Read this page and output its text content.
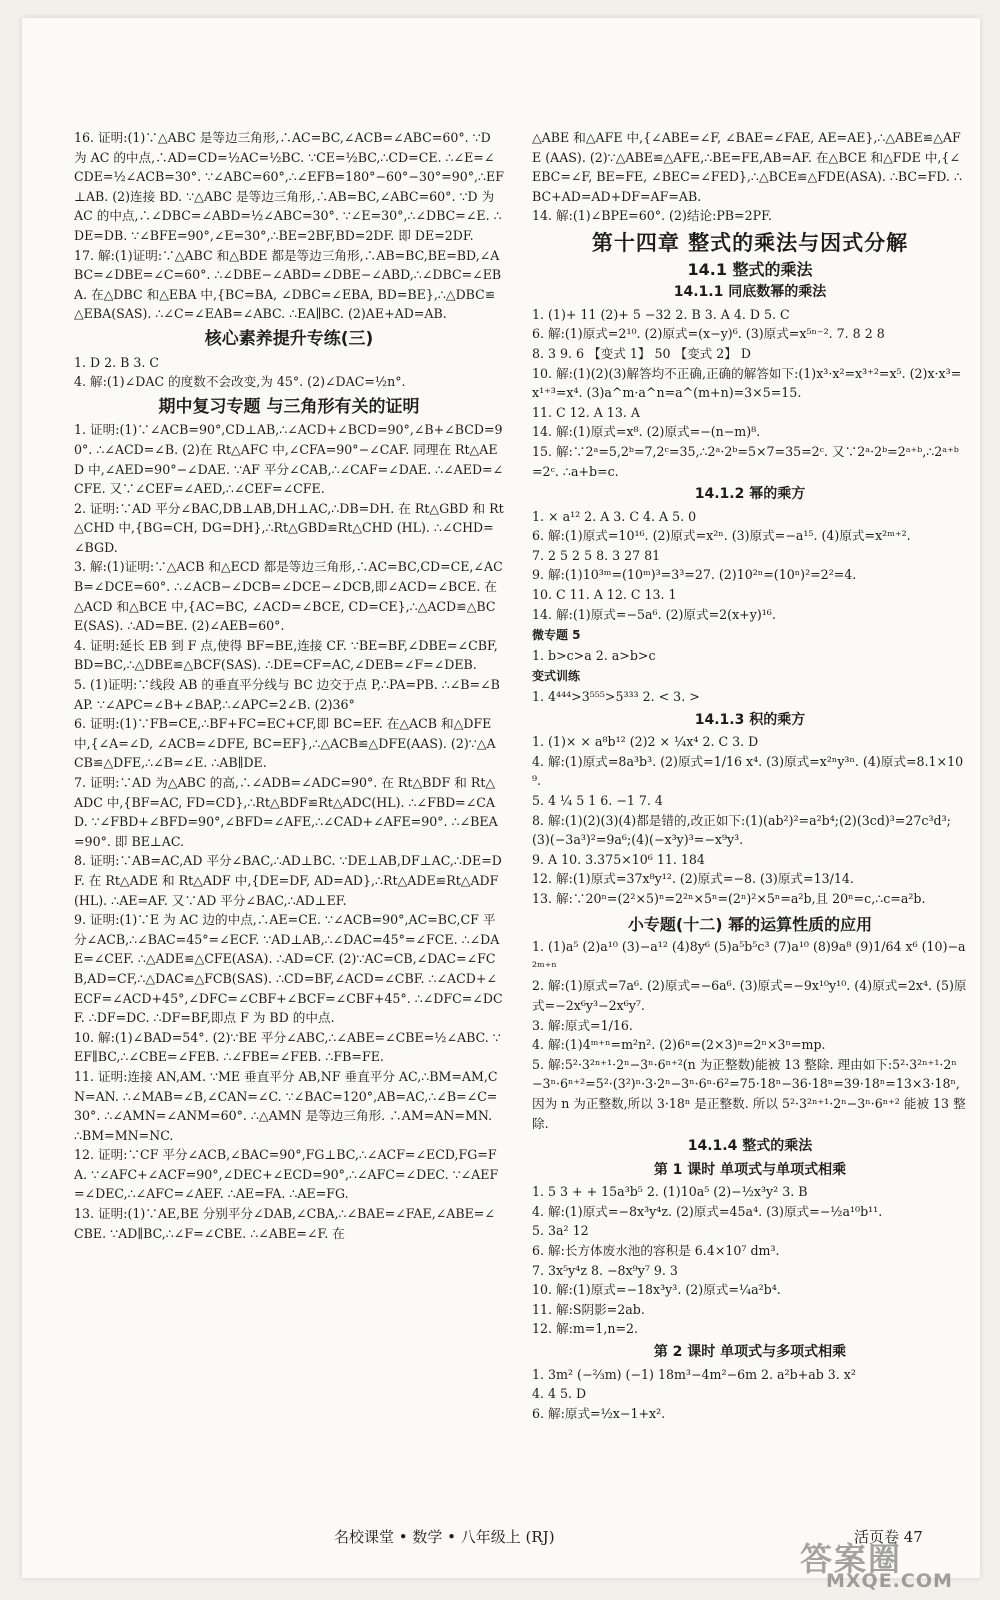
16. 证明:(1)∵△ABC 是等边三角形,∴AC=BC,∠ACB=∠ABC=60°. ∵D 为 AC 的中点,∴AD=CD=½AC=½BC. ∵CE=½BC,∴CD=CE. ∴∠E=∠CDE=½∠ACB=30°. ∵∠ABC=60°,∴∠EFB=180°−60°−30°=90°,∴EF⊥AB. (2)连接 BD. ∵△ABC 是等边三角形,∴AB=BC,∠ABC=60°. ∵D 为 AC 的中点,∴∠DBC=∠ABD=½∠ABC=30°. ∵∠E=30°,∴∠DBC=∠E. ∴DE=DB. ∵∠BFE=90°,∠E=30°,∴BE=2BF,BD=2DF. 即 DE=2DF.
17. 解:(1)证明:∵△ABC 和△BDE 都是等边三角形,∴AB=BC,BE=BD,∠ABC=∠DBE=∠C=60°. ∴∠DBE−∠ABD=∠DBE−∠ABD,∴∠DBC=∠EBA. 在△DBC 和△EBA 中,{BC=BA, ∠DBC=∠EBA, BD=BE},∴△DBC≌△EBA(SAS). ∴∠C=∠EAB=∠ABC. ∴EA∥BC. (2)AE+AD=AB.
核心素养提升专练(三)
1. D 2. B 3. C
4. 解:(1)∠DAC 的度数不会改变,为 45°. (2)∠DAC=½n°.
期中复习专题 与三角形有关的证明
1. 证明:(1)∵∠ACB=90°,CD⊥AB,∴∠ACD+∠BCD=90°,∠B+∠BCD=90°. ∴∠ACD=∠B. (2)在 Rt△AFC 中,∠CFA=90°−∠CAF. 同理在 Rt△AED 中,∠AED=90°−∠DAE. ∵AF 平分∠CAB,∴∠CAF=∠DAE. ∴∠AED=∠CFE. 又∵∠CEF=∠AED,∴∠CEF=∠CFE.
2. 证明:∵AD 平分∠BAC,DB⊥AB,DH⊥AC,∴DB=DH. 在 Rt△GBD 和 Rt△CHD 中,{BG=CH, DG=DH},∴Rt△GBD≌Rt△CHD (HL). ∴∠CHD=∠BGD.
3. 解:(1)证明:∵△ACB 和△ECD 都是等边三角形,∴AC=BC,CD=CE,∠ACB=∠DCE=60°. ∴∠ACB−∠DCB=∠DCE−∠DCB,即∠ACD=∠BCE. 在△ACD 和△BCE 中,{AC=BC, ∠ACD=∠BCE, CD=CE},∴△ACD≌△BCE(SAS). ∴AD=BE. (2)∠AEB=60°.
4. 证明:延长 EB 到 F 点,使得 BF=BE,连接 CF. ∵BE=BF,∠DBE=∠CBF,BD=BC,∴△DBE≌△BCF(SAS). ∴DE=CF=AC,∠DEB=∠F=∠DEB.
5. (1)证明:∵线段 AB 的垂直平分线与 BC 边交于点 P,∴PA=PB. ∴∠B=∠BAP. ∵∠APC=∠B+∠BAP,∴∠APC=2∠B. (2)36°
6. 证明:(1)∵FB=CE,∴BF+FC=EC+CF,即 BC=EF. 在△ACB 和△DFE 中,{∠A=∠D, ∠ACB=∠DFE, BC=EF},∴△ACB≌△DFE(AAS). (2)∵△ACB≌△DFE,∴∠B=∠E. ∴AB∥DE.
7. 证明:∵AD 为△ABC 的高,∴∠ADB=∠ADC=90°. 在 Rt△BDF 和 Rt△ADC 中,{BF=AC, FD=CD},∴Rt△BDF≌Rt△ADC(HL). ∴∠FBD=∠CAD. ∵∠FBD+∠BFD=90°,∠BFD=∠AFE,∴∠CAD+∠AFE=90°. ∴∠BEA=90°. 即 BE⊥AC.
8. 证明:∵AB=AC,AD 平分∠BAC,∴AD⊥BC. ∵DE⊥AB,DF⊥AC,∴DE=DF. 在 Rt△ADE 和 Rt△ADF 中,{DE=DF, AD=AD},∴Rt△ADE≌Rt△ADF(HL). ∴AE=AF. 又∵AD 平分∠BAC,∴AD⊥EF.
9. 证明:(1)∵E 为 AC 边的中点,∴AE=CE. ∵∠ACB=90°,AC=BC,CF 平分∠ACB,∴∠BAC=45°=∠ECF. ∵AD⊥AB,∴∠DAC=45°=∠FCE. ∴∠DAE=∠CEF. ∴△ADE≌△CFE(ASA). ∴AD=CF. (2)∵AC=CB,∠DAC=∠FCB,AD=CF,∴△DAC≌△FCB(SAS). ∴CD=BF,∠ACD=∠CBF. ∴∠ACD+∠ECF=∠ACD+45°,∠DFC=∠CBF+∠BCF=∠CBF+45°. ∴∠DFC=∠DCF. ∴DF=DC. ∴DF=BF,即点 F 为 BD 的中点.
10. 解:(1)∠BAD=54°. (2)∵BE 平分∠ABC,∴∠ABE=∠CBE=½∠ABC. ∵EF∥BC,∴∠CBE=∠FEB. ∴∠FBE=∠FEB. ∴FB=FE.
11. 证明:连接 AN,AM. ∵ME 垂直平分 AB,NF 垂直平分 AC,∴BM=AM,CN=AN. ∴∠MAB=∠B,∠CAN=∠C. ∵∠BAC=120°,AB=AC,∴∠B=∠C=30°. ∴∠AMN=∠ANM=60°. ∴△AMN 是等边三角形. ∴AM=AN=MN. ∴BM=MN=NC.
12. 证明:∵CF 平分∠ACB,∠BAC=90°,FG⊥BC,∴∠ACF=∠ECD,FG=FA. ∵∠AFC+∠ACF=90°,∠DEC+∠ECD=90°,∴∠AFC=∠DEC. ∵∠AEF=∠DEC,∴∠AFC=∠AEF. ∴AE=FA. ∴AE=FG.
13. 证明:(1)∵AE,BE 分别平分∠DAB,∠CBA,∴∠BAE=∠FAE,∠ABE=∠CBE. ∵AD∥BC,∴∠F=∠CBE. ∴∠ABE=∠F. 在
△ABE 和△AFE 中,{∠ABE=∠F, ∠BAE=∠FAE, AE=AE},∴△ABE≌△AFE (AAS). (2)∵△ABE≌△AFE,∴BE=FE,AB=AF. 在△BCE 和△FDE 中,{∠EBC=∠F, BE=FE, ∠BEC=∠FED},∴△BCE≌△FDE(ASA). ∴BC=FD. ∴BC+AD=AD+DF=AF=AB.
14. 解:(1)∠BPE=60°. (2)结论:PB=2PF.
第十四章 整式的乘法与因式分解
14.1 整式的乘法
14.1.1 同底数幂的乘法
1. (1)+ 11 (2)+ 5 −32 2. B 3. A 4. D 5. C
6. 解:(1)原式=2¹⁰. (2)原式=(x−y)⁶. (3)原式=x⁵ⁿ⁻². 7. 8 2 8
8. 3 9. 6 【变式 1】 50 【变式 2】 D
10. 解:(1)(2)(3)解答均不正确,正确的解答如下:(1)x³·x²=x³⁺²=x⁵. (2)x·x³=x¹⁺³=x⁴. (3)a^m·a^n=a^(m+n)=3×5=15.
11. C 12. A 13. A
14. 解:(1)原式=x⁸. (2)原式=−(n−m)⁸.
15. 解:∵2ᵃ=5,2ᵇ=7,2ᶜ=35,∴2ᵃ·2ᵇ=5×7=35=2ᶜ. 又∵2ᵃ·2ᵇ=2ᵃ⁺ᵇ,∴2ᵃ⁺ᵇ=2ᶜ. ∴a+b=c.
14.1.2 幂的乘方
1. × a¹² 2. A 3. C 4. A 5. 0
6. 解:(1)原式=10¹⁶. (2)原式=x²ⁿ. (3)原式=−a¹⁵. (4)原式=x²ᵐ⁺².
7. 2 5 2 5 8. 3 27 81
9. 解:(1)10³ᵐ=(10ᵐ)³=3³=27. (2)10²ⁿ=(10ⁿ)²=2²=4.
10. C 11. A 12. C 13. 1
14. 解:(1)原式=−5a⁶. (2)原式=2(x+y)¹⁶.
微专题 5
1. b>c>a 2. a>b>c
变式训练
1. 4⁴⁴⁴>3⁵⁵⁵>5³³³ 2. < 3. >
14.1.3 积的乘方
1. (1)× × a⁸b¹² (2)2 × ¼x⁴ 2. C 3. D
4. 解:(1)原式=8a³b³. (2)原式=1/16 x⁴. (3)原式=x²ⁿy³ⁿ. (4)原式=8.1×10⁹.
5. 4 ¼ 5 1 6. −1 7. 4
8. 解:(1)(2)(3)(4)都是错的,改正如下:(1)(ab²)²=a²b⁴;(2)(3cd)³=27c³d³;(3)(−3a³)²=9a⁶;(4)(−x³y)³=−x⁹y³.
9. A 10. 3.375×10⁶ 11. 184
12. 解:(1)原式=37x⁸y¹². (2)原式=−8. (3)原式=13/14.
13. 解:∵20ⁿ=(2²×5)ⁿ=2²ⁿ×5ⁿ=(2ⁿ)²×5ⁿ=a²b,且 20ⁿ=c,∴c=a²b.
小专题(十二) 幂的运算性质的应用
1. (1)a⁵ (2)a¹⁰ (3)−a¹² (4)8y⁶ (5)a⁵b⁵c³ (7)a¹⁰ (8)9a⁸ (9)1/64 x⁶ (10)−a²ᵐ⁺ⁿ
2. 解:(1)原式=7a⁶. (2)原式=−6a⁶. (3)原式=−9x¹⁰y¹⁰. (4)原式=2x⁴. (5)原式=−2x⁶y³−2x⁶y⁷.
3. 解:原式=1/16.
4. 解:(1)4ᵐ⁺ⁿ=m²n². (2)6ⁿ=(2×3)ⁿ=2ⁿ×3ⁿ=mp.
5. 解:5²·3²ⁿ⁺¹·2ⁿ−3ⁿ·6ⁿ⁺²(n 为正整数)能被 13 整除. 理由如下:5²·3²ⁿ⁺¹·2ⁿ−3ⁿ·6ⁿ⁺²=5²·(3²)ⁿ·3·2ⁿ−3ⁿ·6ⁿ·6²=75·18ⁿ−36·18ⁿ=39·18ⁿ=13×3·18ⁿ,因为 n 为正整数,所以 3·18ⁿ 是正整数. 所以 5²·3²ⁿ⁺¹·2ⁿ−3ⁿ·6ⁿ⁺² 能被 13 整除.
14.1.4 整式的乘法
第 1 课时 单项式与单项式相乘
1. 5 3 + + 15a³b⁵ 2. (1)10a⁵ (2)−½x³y² 3. B
4. 解:(1)原式=−8x³y⁴z. (2)原式=45a⁴. (3)原式=−½a¹⁰b¹¹.
5. 3a² 12
6. 解:长方体废水池的容积是 6.4×10⁷ dm³.
7. 3x⁵y⁴z 8. −8x⁹y⁷ 9. 3
10. 解:(1)原式=−18x³y³. (2)原式=¼a²b⁴.
11. 解:S阴影=2ab.
12. 解:m=1,n=2.
第 2 课时 单项式与多项式相乘
1. 3m² (−⅔m) (−1) 18m³−4m²−6m 2. a²b+ab 3. x²
4. 4 5. D
6. 解:原式=½x−1+x².
名校课堂 • 数学 • 八年级上 (RJ)	活页卷 47
答案圈
MXQE.COM
